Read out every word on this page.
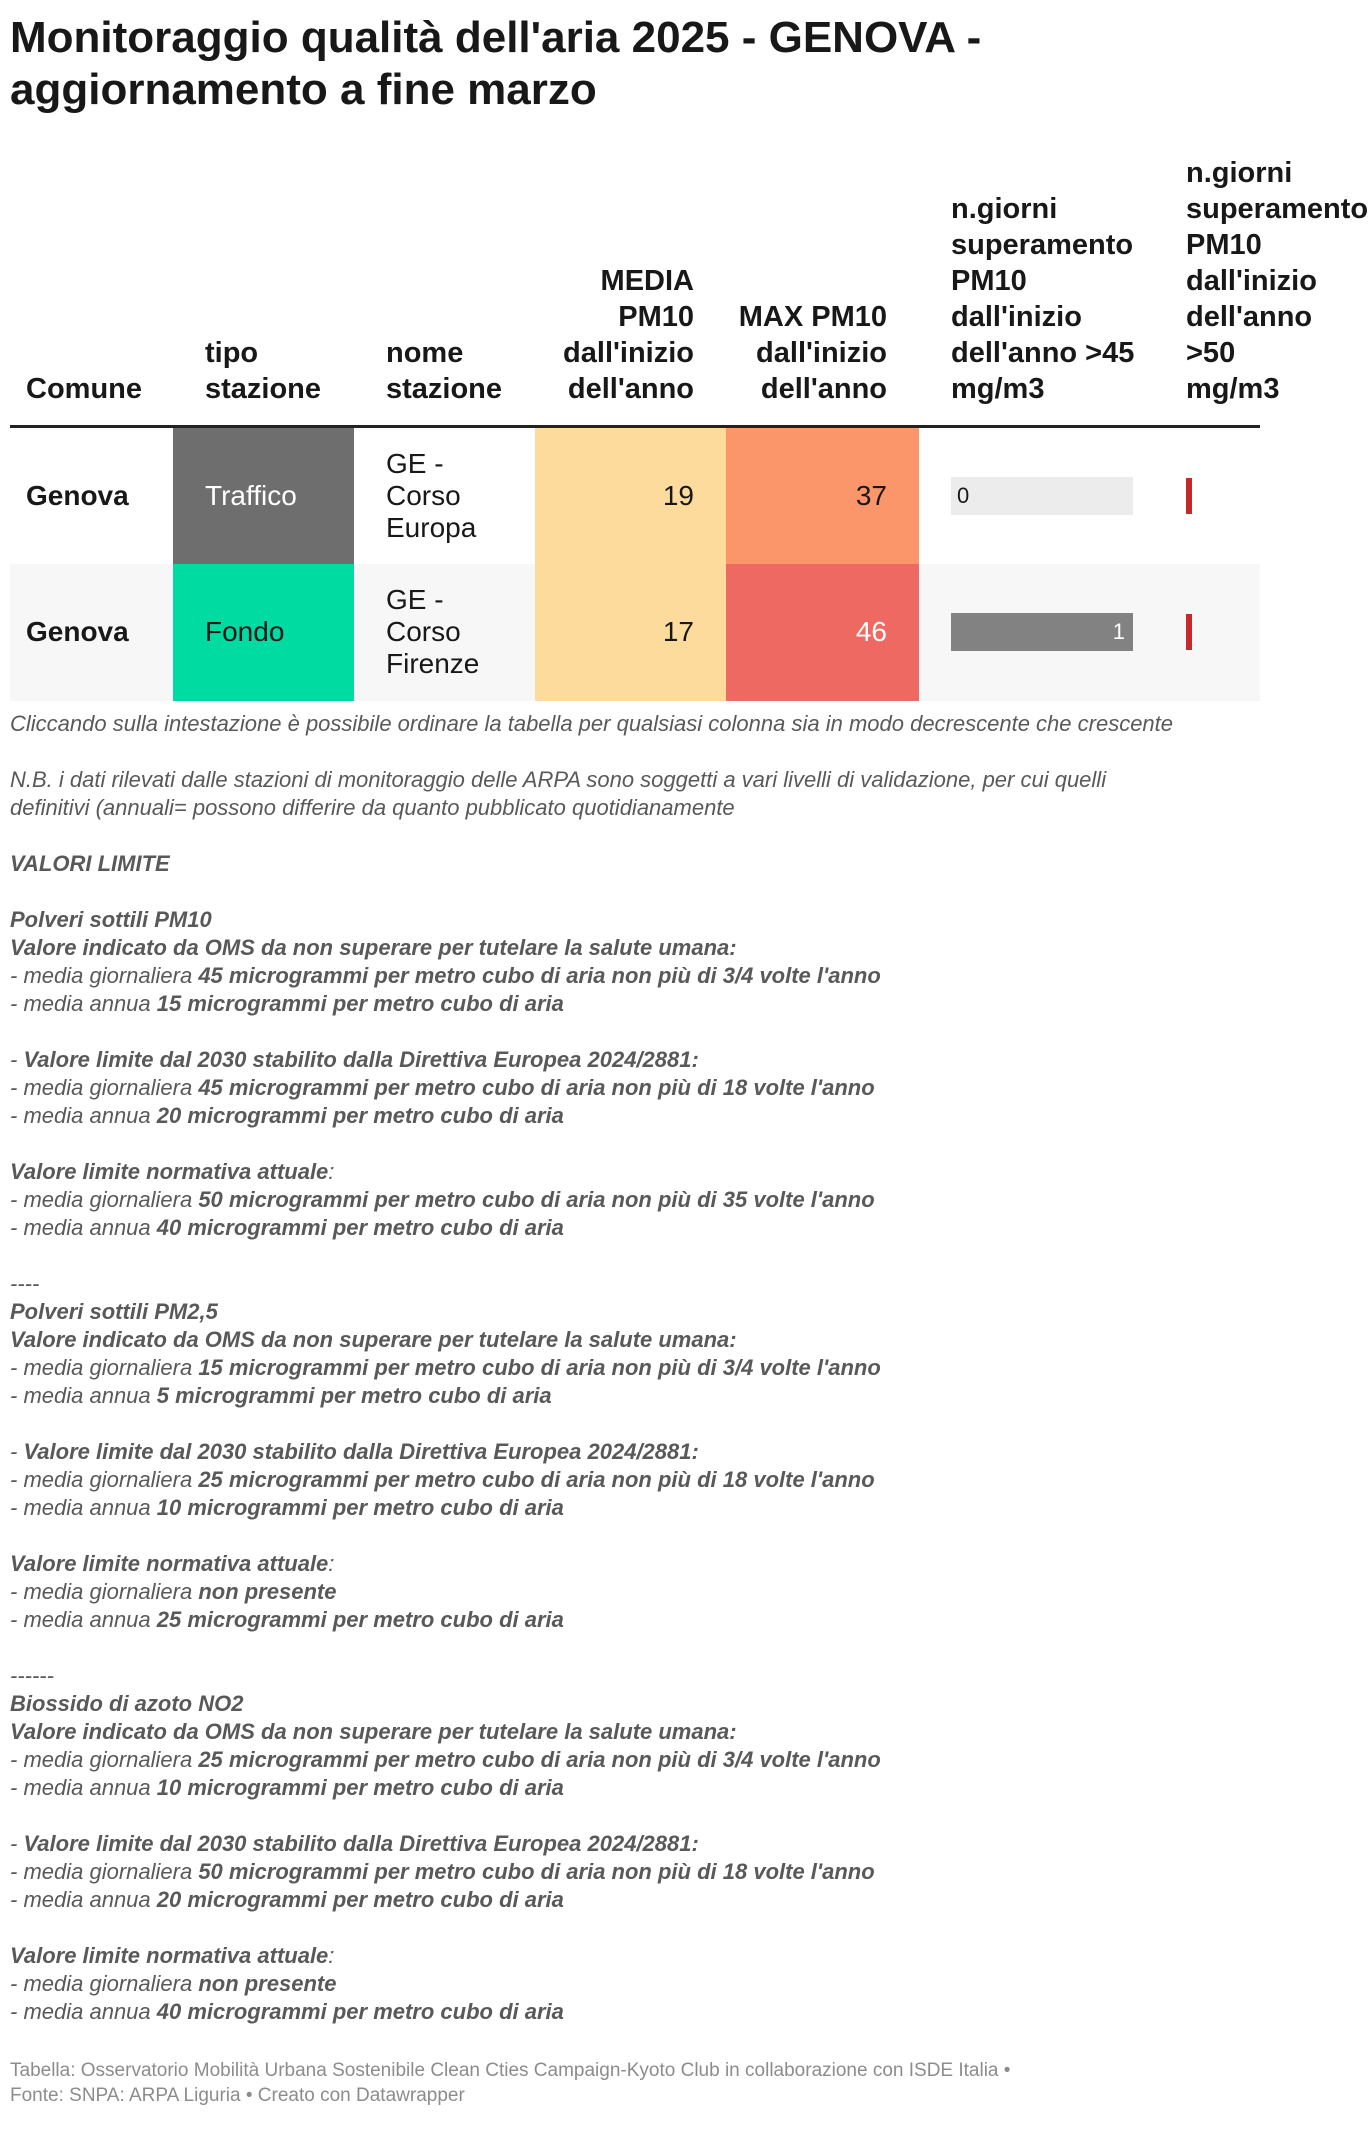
Monitoraggio qualità dell'aria 2025 - GENOVA - aggiornamento a fine marzo
Comune	tipo stazione	nome stazione	MEDIA PM10 dall'inizio dell'anno	MAX PM10 dall'inizio dell'anno	n.giorni superamento PM10 dall'inizio dell'anno >45 mg/m3	n.giorni superamento PM10 dall'inizio dell'anno >50 mg/m3
Genova	Traffico	GE - Corso Europa	19	37	0	

Genova	Fondo	GE - Corso Firenze	17	46	1	

Cliccando sulla intestazione è possibile ordinare la tabella per qualsiasi colonna sia in modo decrescente che crescente

N.B. i dati rilevati dalle stazioni di monitoraggio delle ARPA sono soggetti a vari livelli di validazione, per cui quelli definitivi (annuali= possono differire da quanto pubblicato quotidianamente

VALORI LIMITE

Polveri sottili PM10

Valore indicato da OMS da non superare per tutelare la salute umana:

- media giornaliera 45 microgrammi per metro cubo di aria non più di 3/4 volte l'anno

- media annua 15 microgrammi per metro cubo di aria

- Valore limite dal 2030 stabilito dalla Direttiva Europea 2024/2881:

- media giornaliera 45 microgrammi per metro cubo di aria non più di 18 volte l'anno

- media annua 20 microgrammi per metro cubo di aria

Valore limite normativa attuale:

- media giornaliera 50 microgrammi per metro cubo di aria non più di 35 volte l'anno

- media annua 40 microgrammi per metro cubo di aria

----

Polveri sottili PM2,5

Valore indicato da OMS da non superare per tutelare la salute umana:

- media giornaliera 15 microgrammi per metro cubo di aria non più di 3/4 volte l'anno

- media annua 5 microgrammi per metro cubo di aria

- Valore limite dal 2030 stabilito dalla Direttiva Europea 2024/2881:

- media giornaliera 25 microgrammi per metro cubo di aria non più di 18 volte l'anno

- media annua 10 microgrammi per metro cubo di aria

Valore limite normativa attuale:

- media giornaliera non presente

- media annua 25 microgrammi per metro cubo di aria

------

Biossido di azoto NO2

Valore indicato da OMS da non superare per tutelare la salute umana:

- media giornaliera 25 microgrammi per metro cubo di aria non più di 3/4 volte l'anno

- media annua 10 microgrammi per metro cubo di aria

- Valore limite dal 2030 stabilito dalla Direttiva Europea 2024/2881:

- media giornaliera 50 microgrammi per metro cubo di aria non più di 18 volte l'anno

- media annua 20 microgrammi per metro cubo di aria

Valore limite normativa attuale:

- media giornaliera non presente

- media annua 40 microgrammi per metro cubo di aria

Tabella: Osservatorio Mobilità Urbana Sostenibile Clean Cties Campaign-Kyoto Club in collaborazione con ISDE Italia •
Fonte: SNPA: ARPA Liguria • Creato con Datawrapper
